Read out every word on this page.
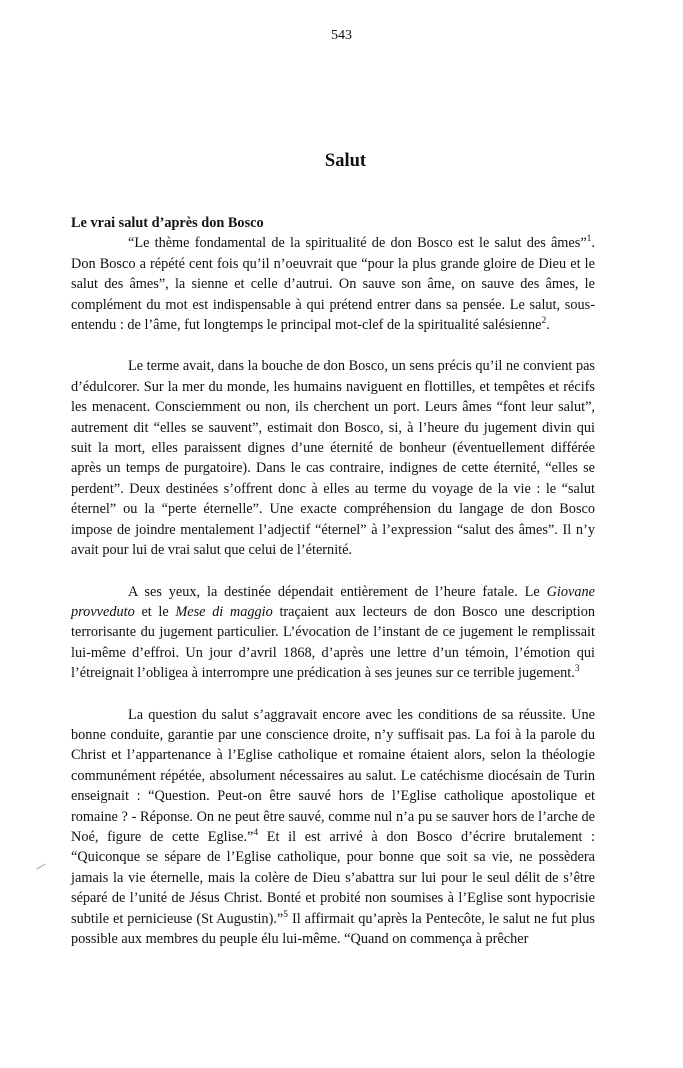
543
Salut

Le vrai salut d’après don Bosco

“Le thème fondamental de la spiritualité de don Bosco est le salut des âmes”$^1$. Don Bosco a répété cent fois qu’il n’oeuvrait que “pour la plus grande gloire de Dieu et le salut des âmes”, la sienne et celle d’autrui. On sauve son âme, on sauve des âmes, le complément du mot est indispensable à qui prétend entrer dans sa pensée. Le salut, sous-entendu : de l’âme, fut longtemps le principal mot-clef de la spiritualité salésienne$^2$.

Le terme avait, dans la bouche de don Bosco, un sens précis qu’il ne convient pas d’édulcorer. Sur la mer du monde, les humains naviguent en flottilles, et tempêtes et récifs les menacent. Consciemment ou non, ils cherchent un port. Leurs âmes “font leur salut”, autrement dit “elles se sauvent”, estimait don Bosco, si, à l’heure du jugement divin qui suit la mort, elles paraissent dignes d’une éternité de bonheur (éventuellement différée après un temps de purgatoire). Dans le cas contraire, indignes de cette éternité, “elles se perdent”. Deux destinées s’offrent donc à elles au terme du voyage de la vie : le “salut éternel” ou la “perte éternelle”. Une exacte compréhension du langage de don Bosco impose de joindre mentalement l’adjectif “éternel” à l’expression “salut des âmes”. Il n’y avait pour lui de vrai salut que celui de l’éternité.

A ses yeux, la destinée dépendait entièrement de l’heure fatale. Le Giovane provveduto et le Mese di maggio traçaient aux lecteurs de don Bosco une description terrorisante du jugement particulier. L’évocation de l’instant de ce jugement le remplissait lui-même d’effroi. Un jour d’avril 1868, d’après une lettre d’un témoin, l’émotion qui l’étreignait l’obligea à interrompre une prédication à ses jeunes sur ce terrible jugement.$^3$

La question du salut s’aggravait encore avec les conditions de sa réussite. Une bonne conduite, garantie par une conscience droite, n’y suffisait pas. La foi à la parole du Christ et l’appartenance à l’Eglise catholique et romaine étaient alors, selon la théologie communément répétée, absolument nécessaires au salut. Le catéchisme diocésain de Turin enseignait : “Question. Peut-on être sauvé hors de l’Eglise catholique apostolique et romaine ? - Réponse. On ne peut être sauvé, comme nul n’a pu se sauver hors de l’arche de Noé, figure de cette Eglise.”$^4$ Et il est arrivé à don Bosco d’écrire brutalement : “Quiconque se sépare de l’Eglise catholique, pour bonne que soit sa vie, ne possèdera jamais la vie éternelle, mais la colère de Dieu s’abattra sur lui pour le seul délit de s’être séparé de l’unité de Jésus Christ. Bonté et probité non soumises à l’Eglise sont hypocrisie subtile et pernicieuse (St Augustin).”$^5$ Il affirmait qu’après la Pentecôte, le salut ne fut plus possible aux membres du peuple élu lui-même. “Quand on commença à prêcher
